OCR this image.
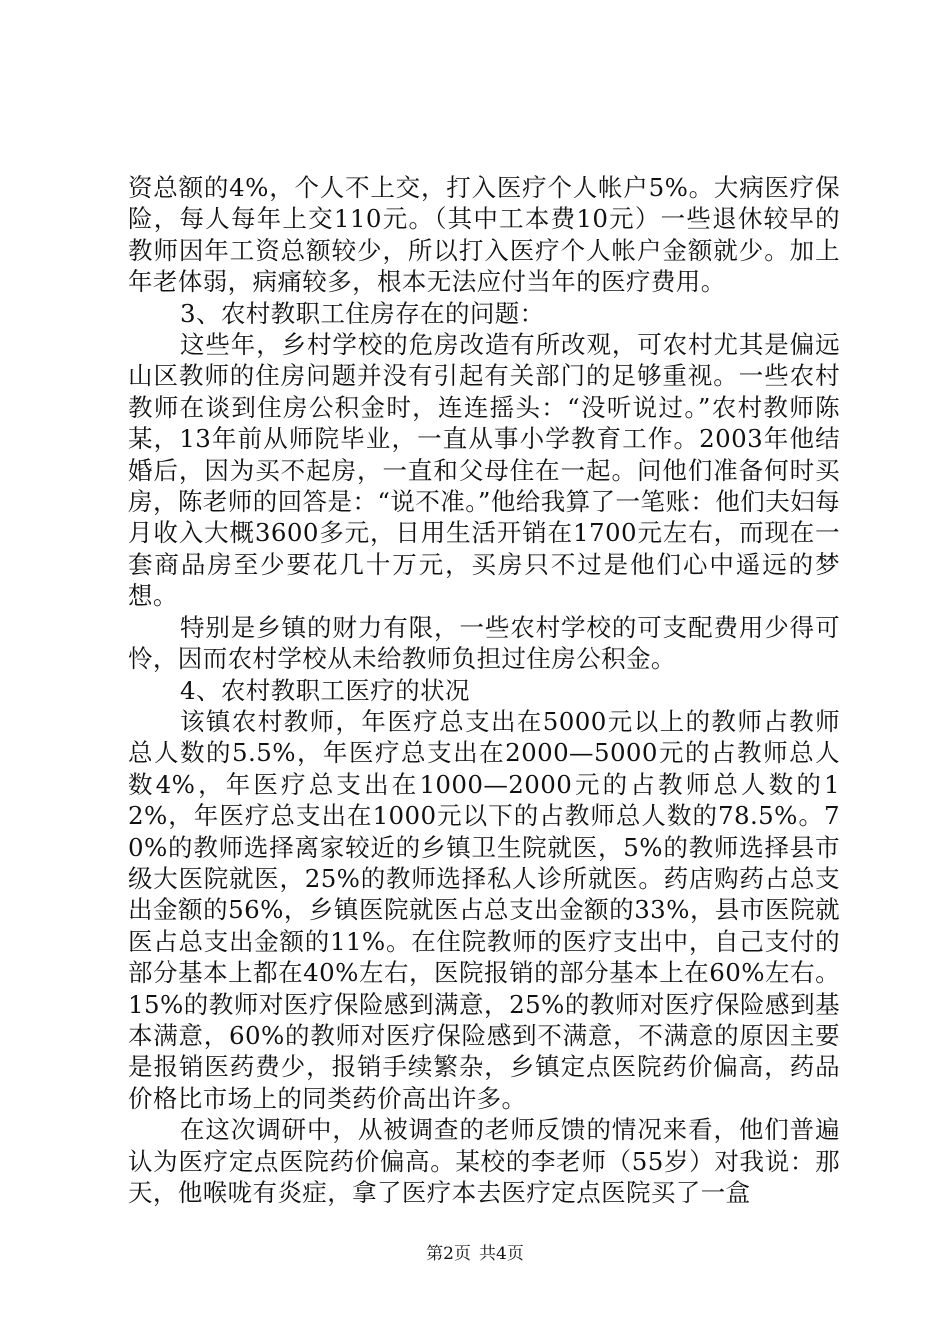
资总额的4%，个人不上交，打入医疗个人帐户5%。大病医疗保险，每人每年上交110元。（其中工本费10元）一些退休较早的教师因年工资总额较少，所以打入医疗个人帐户金额就少。加上年老体弱，病痛较多，根本无法应付当年的医疗费用。

3、农村教职工住房存在的问题：

这些年，乡村学校的危房改造有所改观，可农村尤其是偏远山区教师的住房问题并没有引起有关部门的足够重视。一些农村教师在谈到住房公积金时，连连摇头：“没听说过。”农村教师陈某，13年前从师院毕业，一直从事小学教育工作。2003年他结婚后，因为买不起房，一直和父母住在一起。问他们准备何时买房，陈老师的回答是：“说不准。”他给我算了一笔账：他们夫妇每月收入大概3600多元，日用生活开销在1700元左右，而现在一套商品房至少要花几十万元，买房只不过是他们心中遥远的梦想。

特别是乡镇的财力有限，一些农村学校的可支配费用少得可怜，因而农村学校从未给教师负担过住房公积金。

4、农村教职工医疗的状况

该镇农村教师，年医疗总支出在5000元以上的教师占教师总人数的5.5%，年医疗总支出在2000—5000元的占教师总人数4%，年医疗总支出在1000—2000元的占教师总人数的12%，年医疗总支出在1000元以下的占教师总人数的78.5%。70%的教师选择离家较近的乡镇卫生院就医，5%的教师选择县市级大医院就医，25%的教师选择私人诊所就医。药店购药占总支出金额的56%，乡镇医院就医占总支出金额的33%，县市医院就医占总支出金额的11%。在住院教师的医疗支出中，自己支付的部分基本上都在40%左右，医院报销的部分基本上在60%左右。15%的教师对医疗保险感到满意，25%的教师对医疗保险感到基本满意，60%的教师对医疗保险感到不满意，不满意的原因主要是报销医药费少，报销手续繁杂，乡镇定点医院药价偏高，药品价格比市场上的同类药价高出许多。

在这次调研中，从被调查的老师反馈的情况来看，他们普遍认为医疗定点医院药价偏高。某校的李老师（55岁）对我说：那天，他喉咙有炎症，拿了医疗本去医疗定点医院买了一盒

第2页 共4页
